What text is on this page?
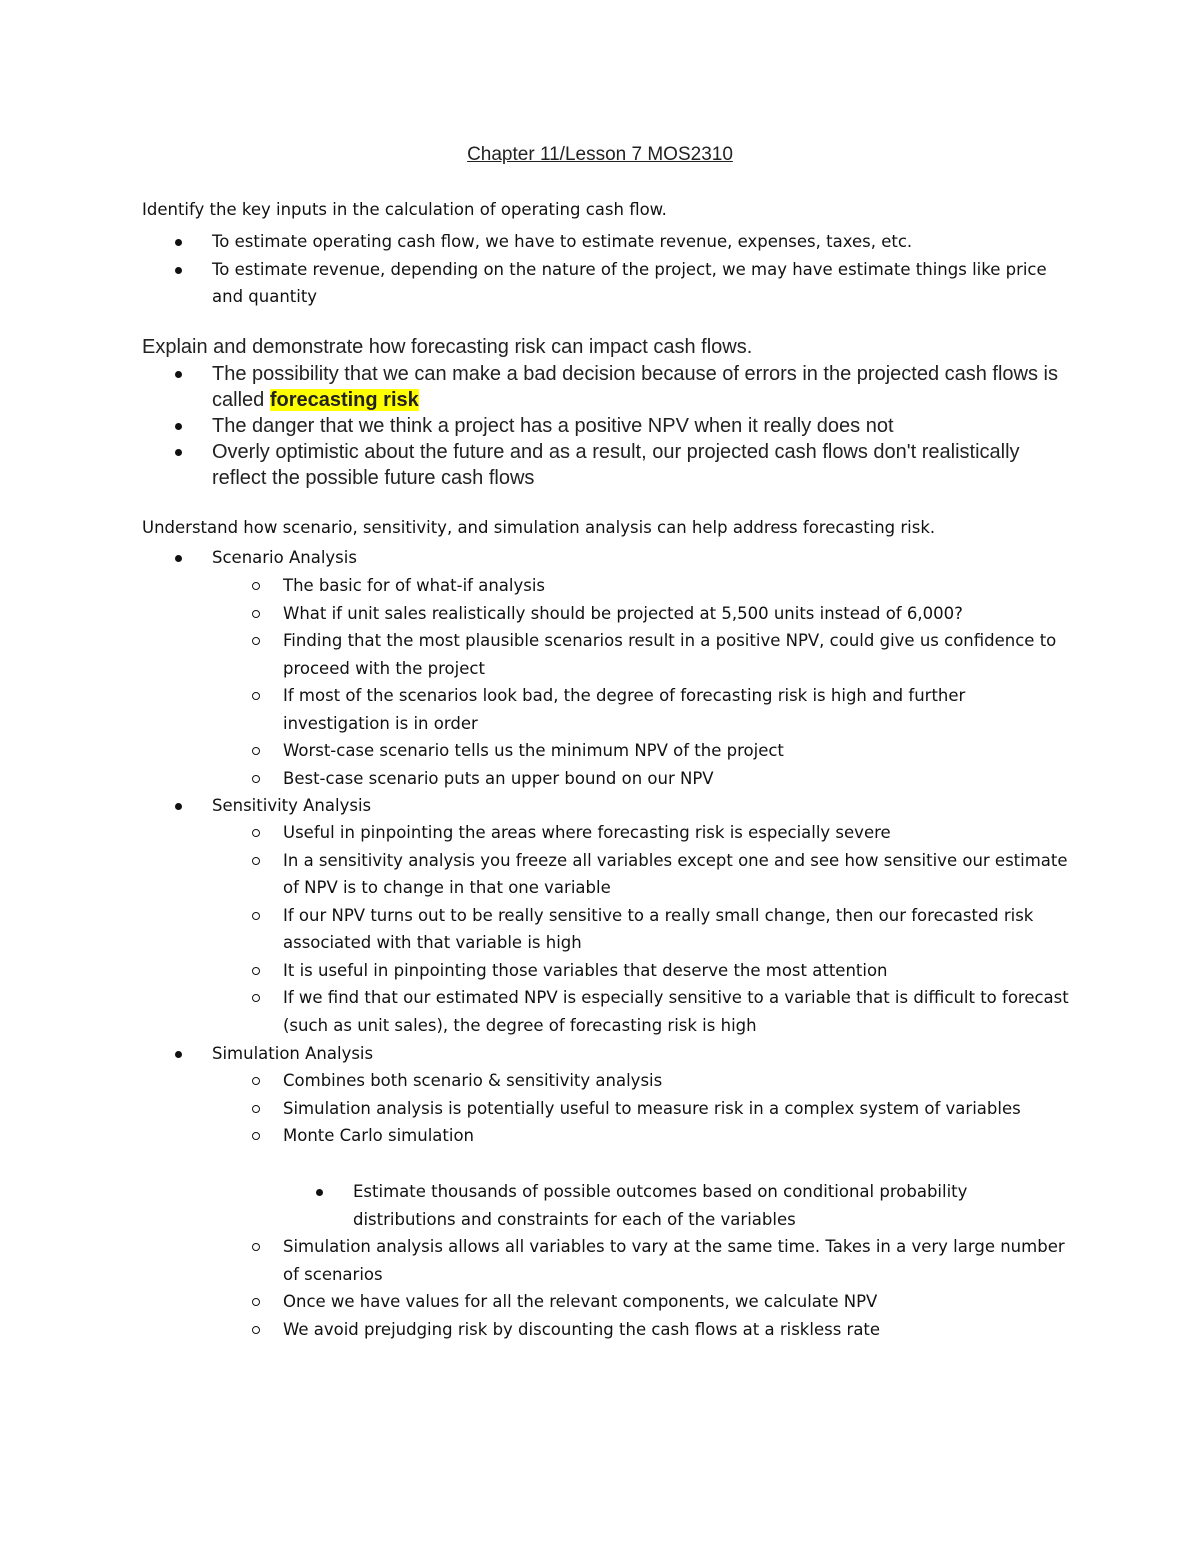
Chapter 11/Lesson 7 MOS2310

Identify the key inputs in the calculation of operating cash flow.

To estimate operating cash flow, we have to estimate revenue, expenses, taxes, etc.
To estimate revenue, depending on the nature of the project, we may have estimate things like price and quantity

Explain and demonstrate how forecasting risk can impact cash flows.

The possibility that we can make a bad decision because of errors in the projected cash flows is called forecasting risk
The danger that we think a project has a positive NPV when it really does not
Overly optimistic about the future and as a result, our projected cash flows don't realistically reflect the possible future cash flows

Understand how scenario, sensitivity, and simulation analysis can help address forecasting risk.

Scenario Analysis
The basic for of what-if analysis
What if unit sales realistically should be projected at 5,500 units instead of 6,000?
Finding that the most plausible scenarios result in a positive NPV, could give us confidence to proceed with the project
If most of the scenarios look bad, the degree of forecasting risk is high and further investigation is in order
Worst-case scenario tells us the minimum NPV of the project
Best-case scenario puts an upper bound on our NPV
Sensitivity Analysis
Useful in pinpointing the areas where forecasting risk is especially severe
In a sensitivity analysis you freeze all variables except one and see how sensitive our estimate of NPV is to change in that one variable
If our NPV turns out to be really sensitive to a really small change, then our forecasted risk associated with that variable is high
It is useful in pinpointing those variables that deserve the most attention
If we find that our estimated NPV is especially sensitive to a variable that is difficult to forecast (such as unit sales), the degree of forecasting risk is high
Simulation Analysis
Combines both scenario & sensitivity analysis
Simulation analysis is potentially useful to measure risk in a complex system of variables
Monte Carlo simulation
Estimate thousands of possible outcomes based on conditional probability distributions and constraints for each of the variables
Simulation analysis allows all variables to vary at the same time. Takes in a very large number of scenarios
Once we have values for all the relevant components, we calculate NPV
We avoid prejudging risk by discounting the cash flows at a riskless rate
